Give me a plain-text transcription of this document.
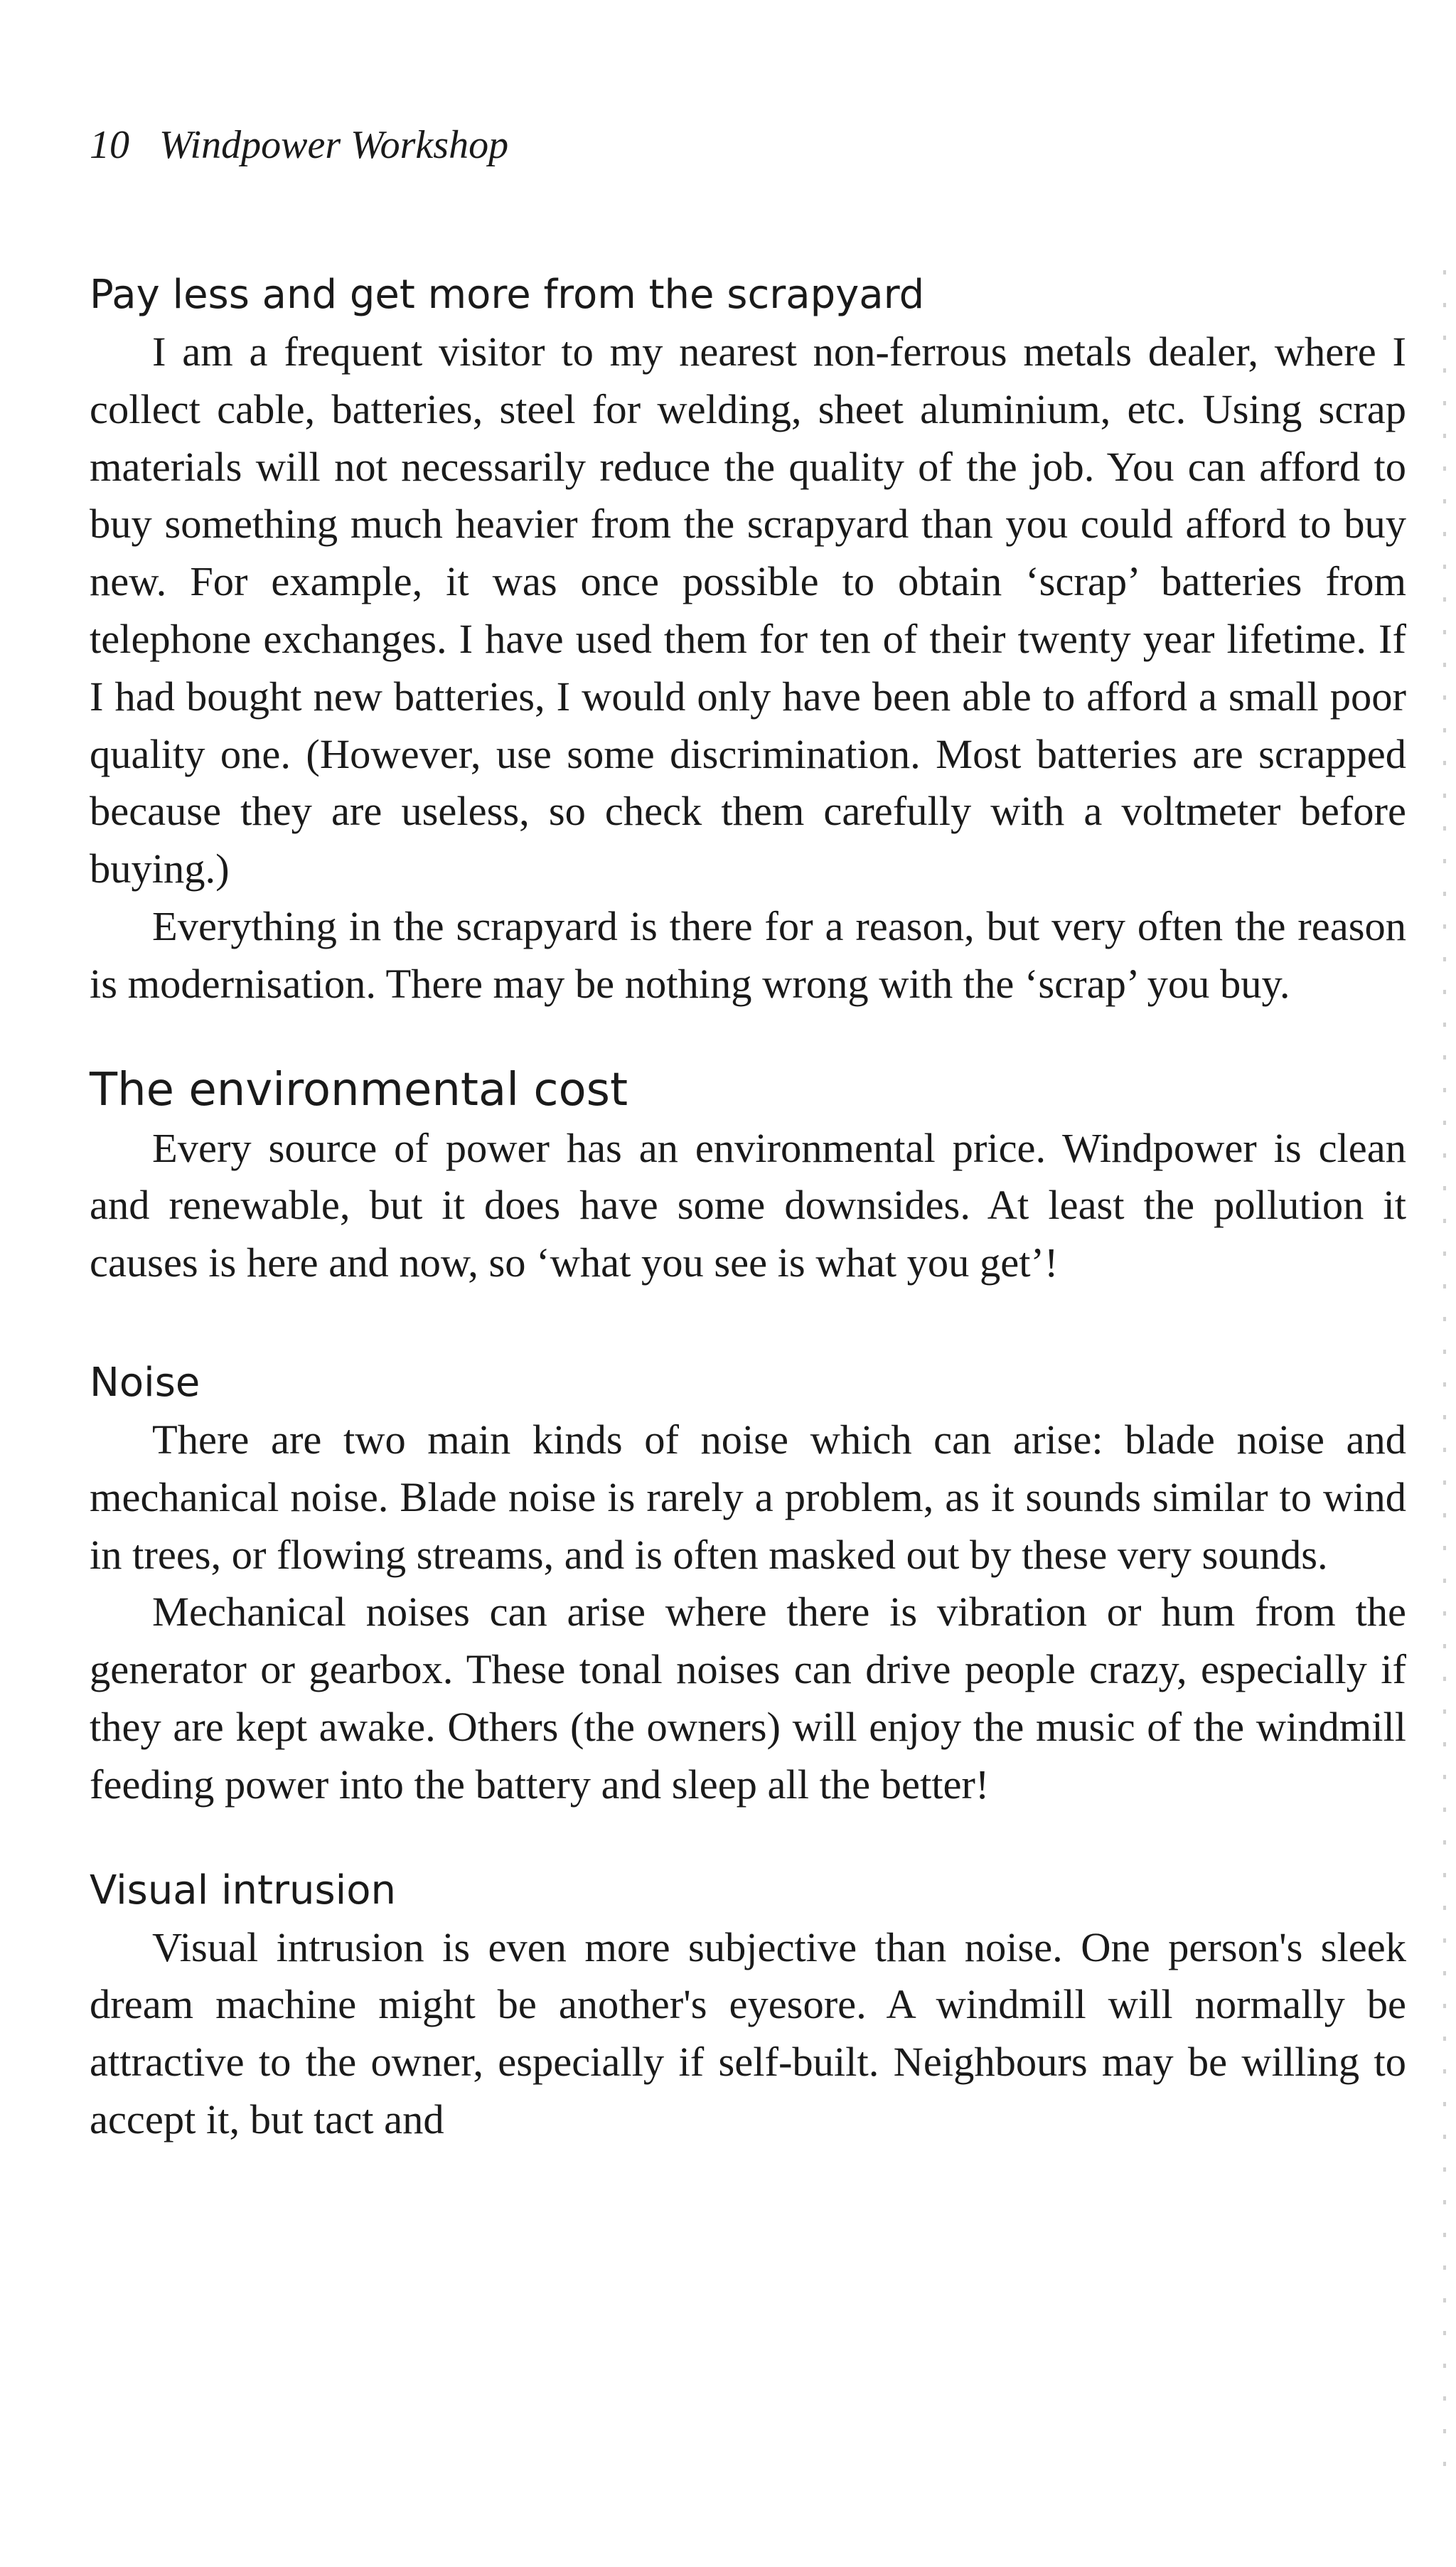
10 Windpower Workshop
Pay less and get more from the scrapyard

I am a frequent visitor to my nearest non-ferrous metals dealer, where I collect cable, batteries, steel for welding, sheet aluminium, etc. Using scrap materials will not necessarily reduce the quality of the job. You can afford to buy something much heavier from the scrapyard than you could afford to buy new. For example, it was once possible to obtain ‘scrap’ batteries from telephone exchanges. I have used them for ten of their twenty year lifetime. If I had bought new batteries, I would only have been able to afford a small poor quality one. (However, use some discrimination. Most batteries are scrapped because they are useless, so check them carefully with a voltmeter before buying.)

Everything in the scrapyard is there for a reason, but very often the reason is modernisation. There may be nothing wrong with the ‘scrap’ you buy.

The environmental cost

Every source of power has an environmental price. Windpower is clean and renewable, but it does have some downsides. At least the pollution it causes is here and now, so ‘what you see is what you get’!

Noise

There are two main kinds of noise which can arise: blade noise and mechanical noise. Blade noise is rarely a problem, as it sounds similar to wind in trees, or flowing streams, and is often masked out by these very sounds.

Mechanical noises can arise where there is vibration or hum from the generator or gearbox. These tonal noises can drive people crazy, especially if they are kept awake. Others (the owners) will enjoy the music of the windmill feeding power into the battery and sleep all the better!

Visual intrusion

Visual intrusion is even more subjective than noise. One person's sleek dream machine might be another's eyesore. A windmill will normally be attractive to the owner, especially if self-built. Neighbours may be willing to accept it, but tact and
